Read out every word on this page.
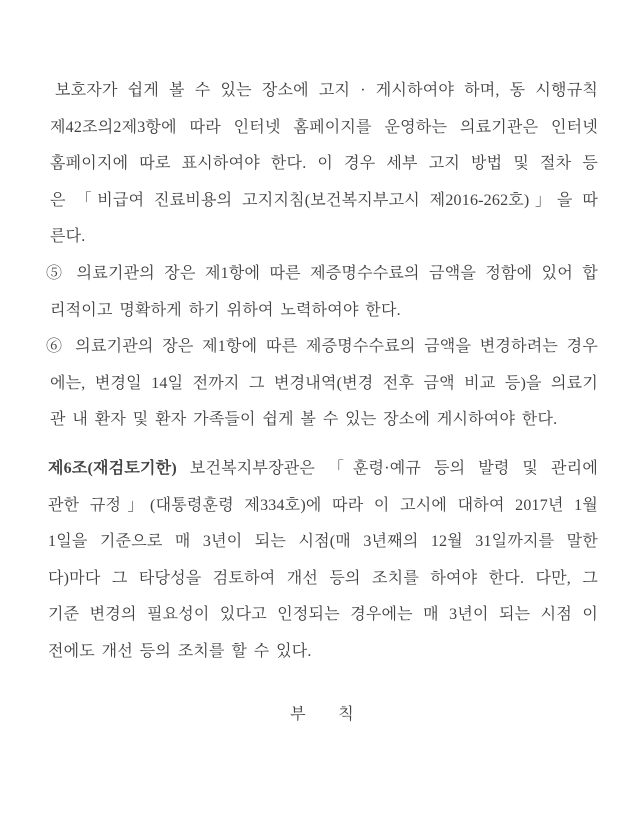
보호자가 쉽게 볼 수 있는 장소에 고지 · 게시하여야 하며, 동 시행규칙
제42조의2제3항에 따라 인터넷 홈페이지를 운영하는 의료기관은 인터넷
홈페이지에 따로 표시하여야 한다. 이 경우 세부 고지 방법 및 절차 등
은 「비급여 진료비용의 고지지침(보건복지부고시 제2016-262호)」을 따
른다.
⑤ 의료기관의 장은 제1항에 따른 제증명수수료의 금액을 정함에 있어 합
리적이고 명확하게 하기 위하여 노력하여야 한다.
⑥ 의료기관의 장은 제1항에 따른 제증명수수료의 금액을 변경하려는 경우
에는, 변경일 14일 전까지 그 변경내역(변경 전후 금액 비교 등)을 의료기
관 내 환자 및 환자 가족들이 쉽게 볼 수 있는 장소에 게시하여야 한다.
제6조(재검토기한) 보건복지부장관은 「훈령·예규 등의 발령 및 관리에
관한 규정」(대통령훈령 제334호)에 따라 이 고시에 대하여 2017년 1월
1일을 기준으로 매 3년이 되는 시점(매 3년째의 12월 31일까지를 말한
다)마다 그 타당성을 검토하여 개선 등의 조치를 하여야 한다. 다만, 그
기준 변경의 필요성이 있다고 인정되는 경우에는 매 3년이 되는 시점 이
전에도 개선 등의 조치를 할 수 있다.
부　　칙
